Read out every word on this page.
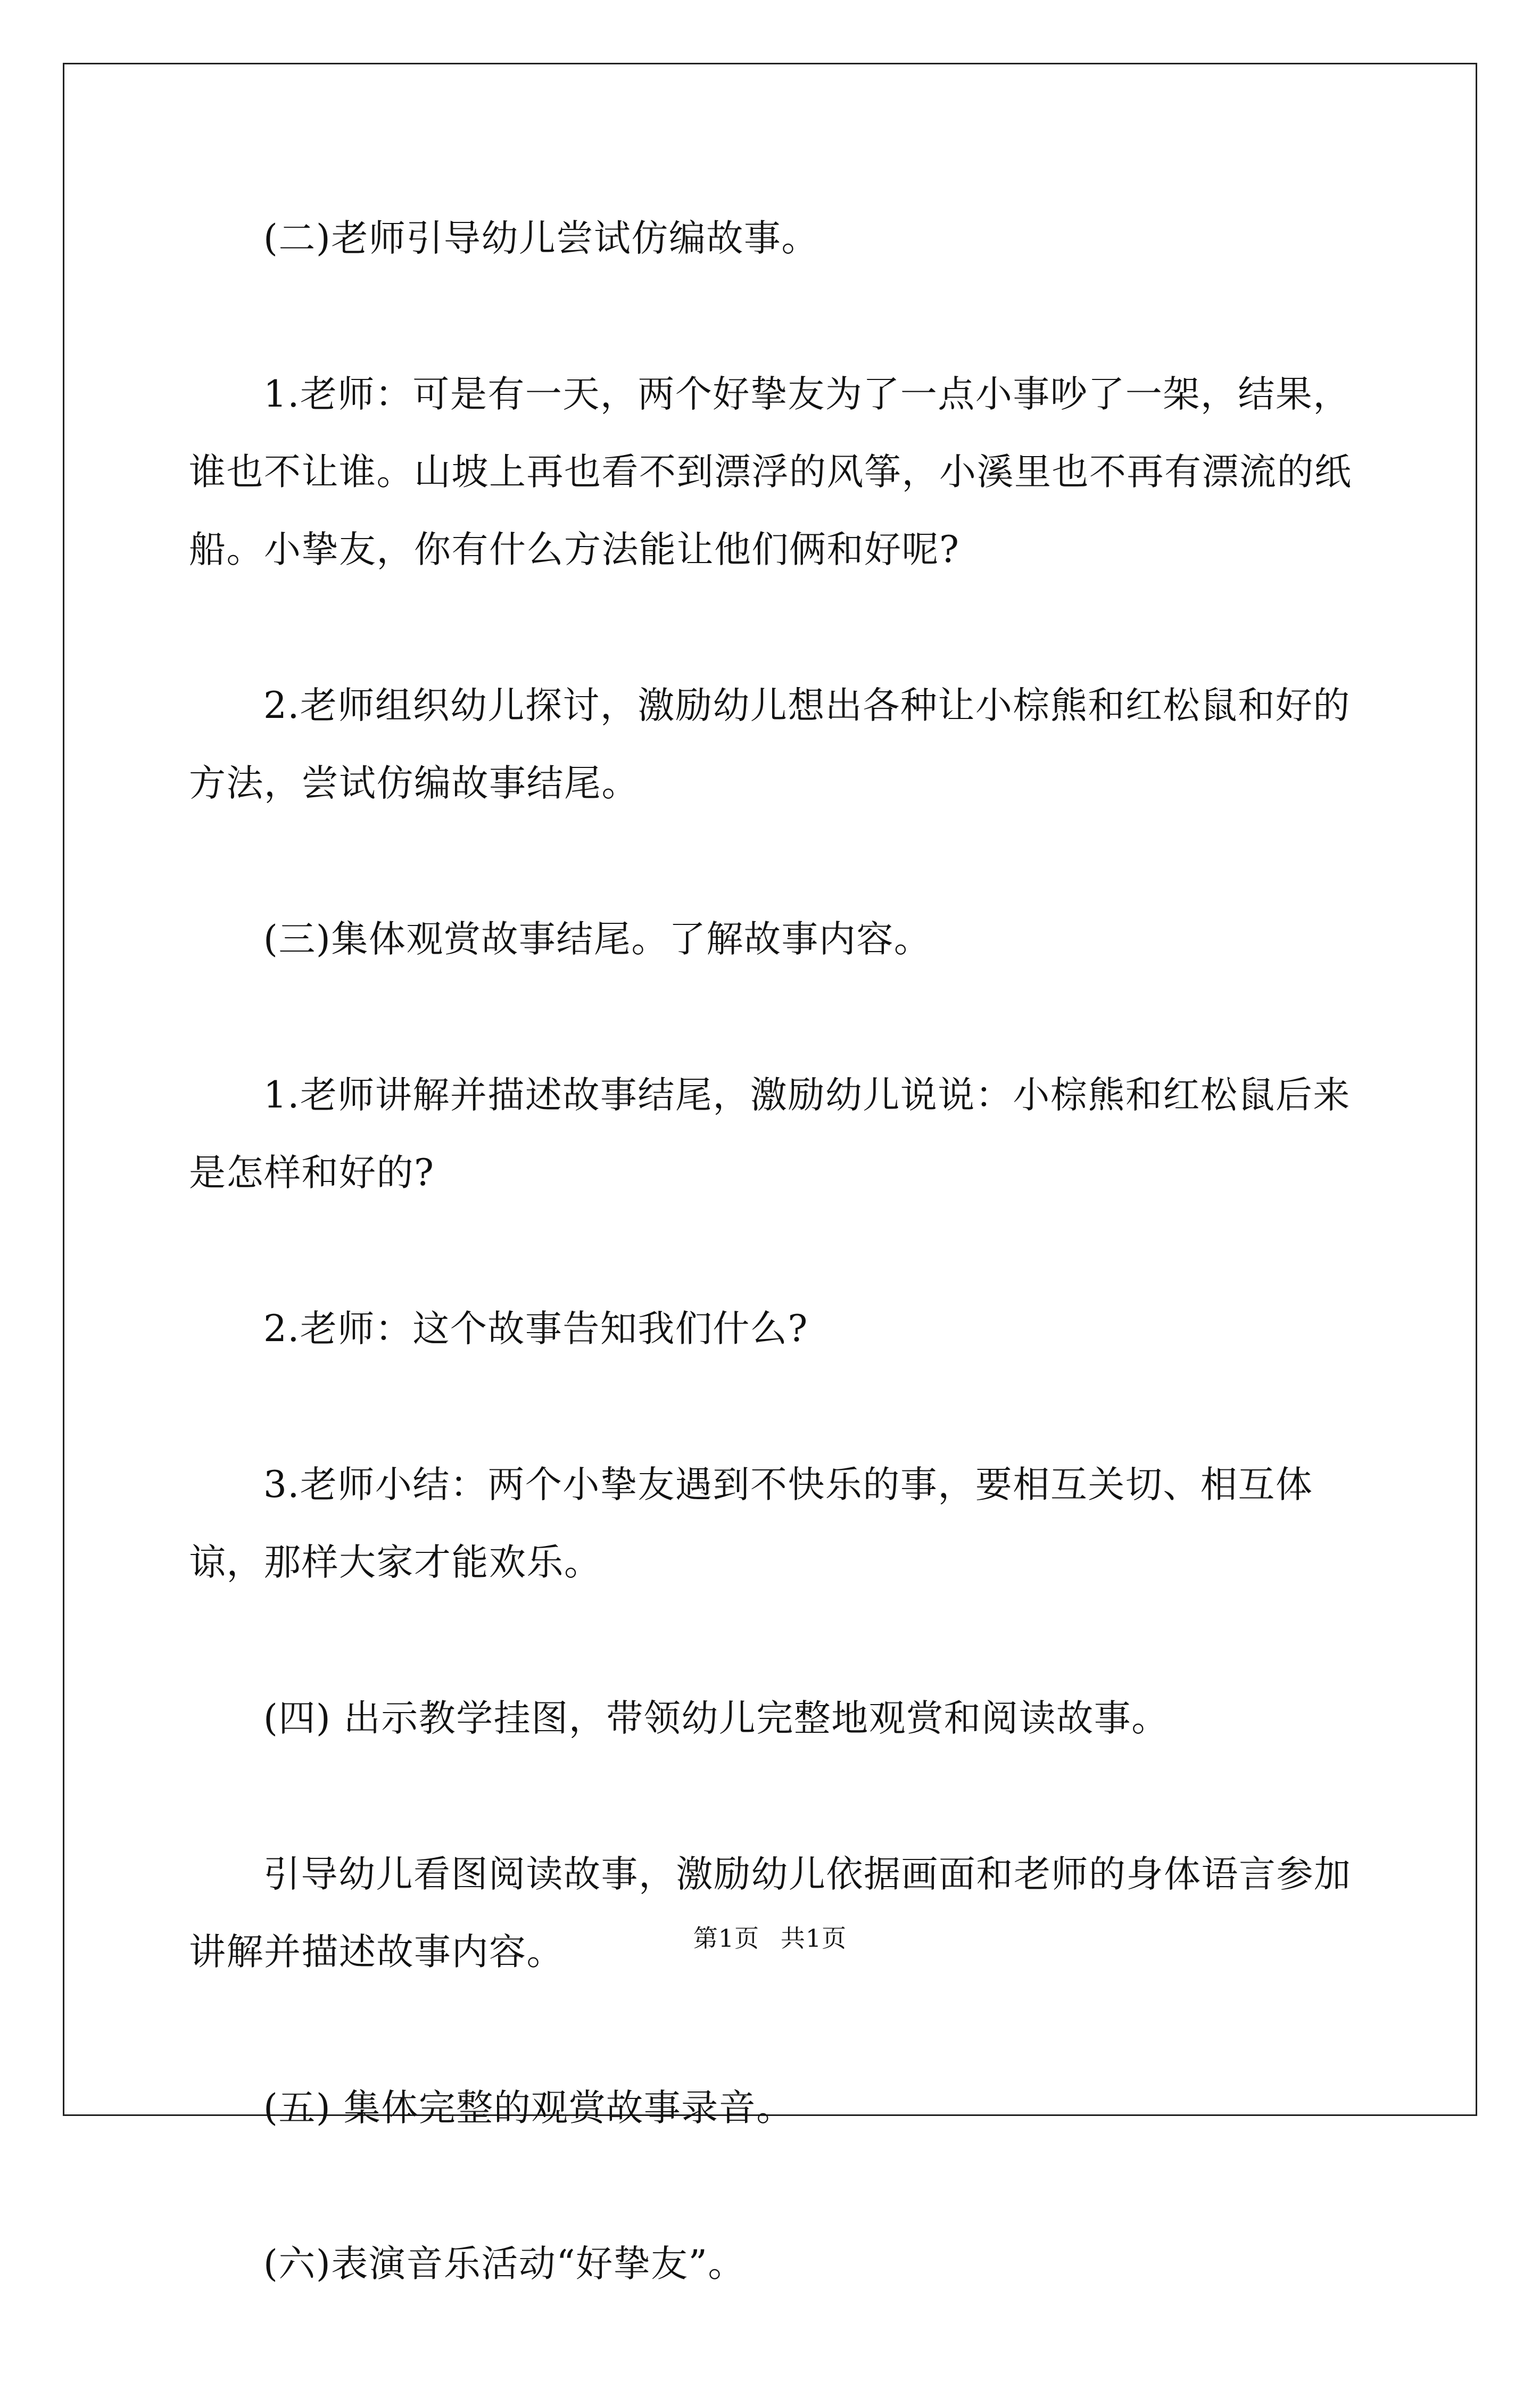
(二)老师引导幼儿尝试仿编故事。

1.老师：可是有一天，两个好挚友为了一点小事吵了一架，结果，谁也不让谁。山坡上再也看不到漂浮的风筝，小溪里也不再有漂流的纸船。小挚友，你有什么方法能让他们俩和好呢?

2.老师组织幼儿探讨，激励幼儿想出各种让小棕熊和红松鼠和好的方法，尝试仿编故事结尾。

(三)集体观赏故事结尾。了解故事内容。

1.老师讲解并描述故事结尾，激励幼儿说说：小棕熊和红松鼠后来是怎样和好的?

2.老师：这个故事告知我们什么?

3.老师小结：两个小挚友遇到不快乐的事，要相互关切、相互体谅，那样大家才能欢乐。

(四) 出示教学挂图，带领幼儿完整地观赏和阅读故事。

引导幼儿看图阅读故事，激励幼儿依据画面和老师的身体语言参加讲解并描述故事内容。

(五) 集体完整的观赏故事录音。

(六)表演音乐活动“好挚友”。

第1页 共1页
